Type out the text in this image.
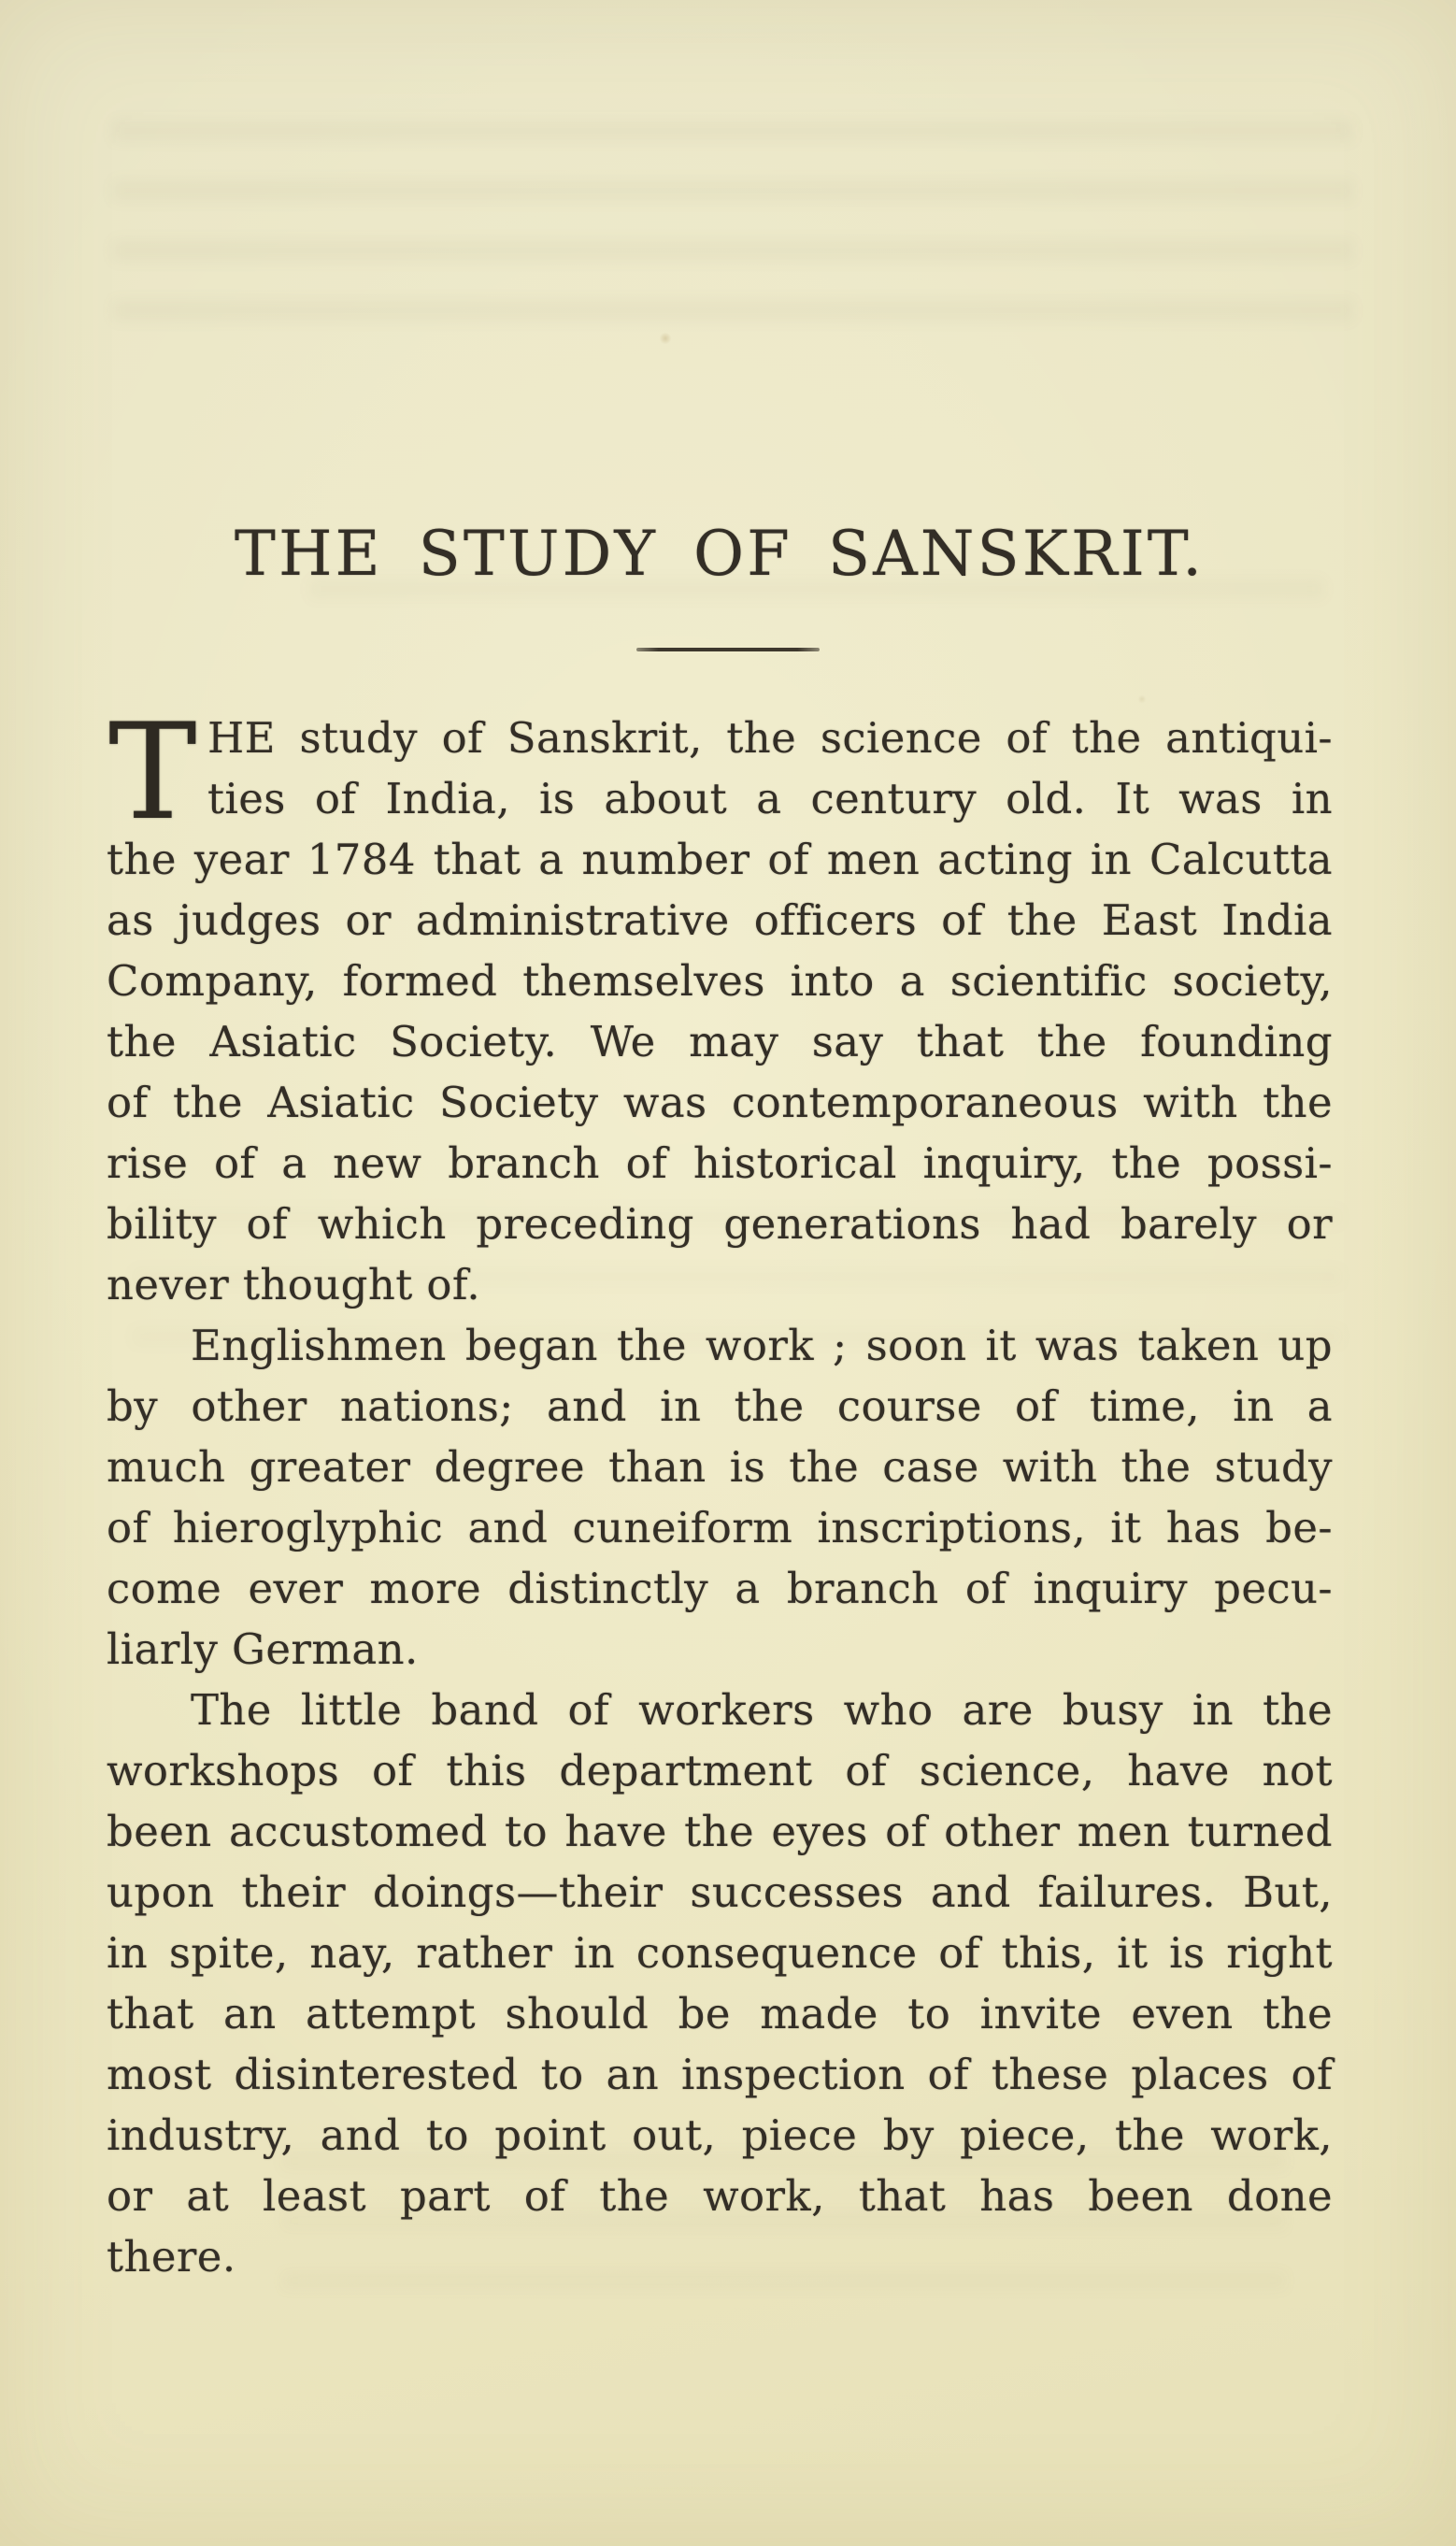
THE STUDY OF SANSKRIT.
T HE study of Sanskrit, the science of the antiqui-
ties of India, is about a century old. It was in
the year 1784 that a number of men acting in Calcutta
as judges or administrative officers of the East India
Company, formed themselves into a scientific society,
the Asiatic Society. We may say that the founding
of the Asiatic Society was contemporaneous with the
rise of a new branch of historical inquiry, the possi-
bility of which preceding generations had barely or
never thought of.
Englishmen began the work ; soon it was taken up
by other nations; and in the course of time, in a
much greater degree than is the case with the study
of hieroglyphic and cuneiform inscriptions, it has be-
come ever more distinctly a branch of inquiry pecu-
liarly German.
The little band of workers who are busy in the
workshops of this department of science, have not
been accustomed to have the eyes of other men turned
upon their doings—their successes and failures. But,
in spite, nay, rather in consequence of this, it is right
that an attempt should be made to invite even the
most disinterested to an inspection of these places of
industry, and to point out, piece by piece, the work,
or at least part of the work, that has been done
there.
